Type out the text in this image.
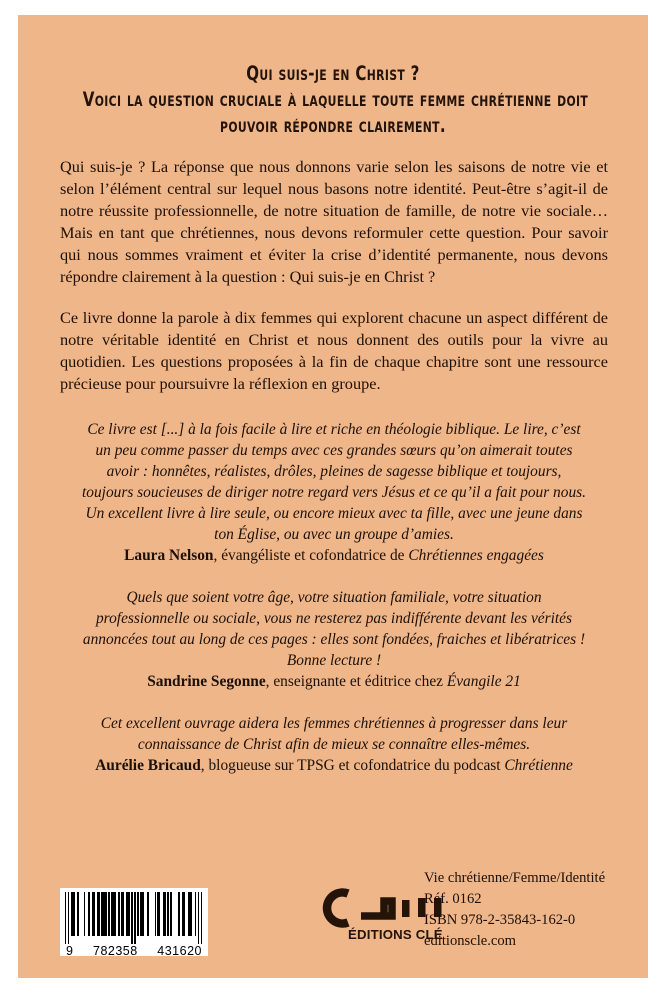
Qui suis-je en Christ ?
Voici la question cruciale à laquelle toute femme chrétienne doit
pouvoir répondre clairement.

Qui suis-je ? La réponse que nous donnons varie selon les saisons de notre vie et selon l’élément central sur lequel nous basons notre identité. Peut-être s’agit-il de notre réussite professionnelle, de notre situation de famille, de notre vie sociale… Mais en tant que chrétiennes, nous devons reformuler cette question. Pour savoir qui nous sommes vraiment et éviter la crise d’identité permanente, nous devons répondre clairement à la question : Qui suis-je en Christ ?

Ce livre donne la parole à dix femmes qui explorent chacune un aspect différent de notre véritable identité en Christ et nous donnent des outils pour la vivre au quotidien. Les questions proposées à la fin de chaque chapitre sont une ressource précieuse pour poursuivre la réflexion en groupe.

Ce livre est [...] à la fois facile à lire et riche en théologie biblique. Le lire, c’est un peu comme passer du temps avec ces grandes sœurs qu’on aimerait toutes avoir : honnêtes, réalistes, drôles, pleines de sagesse biblique et toujours, toujours soucieuses de diriger notre regard vers Jésus et ce qu’il a fait pour nous. Un excellent livre à lire seule, ou encore mieux avec ta fille, avec une jeune dans ton Église, ou avec un groupe d’amies.

Laura Nelson, évangéliste et cofondatrice de Chrétiennes engagées

Quels que soient votre âge, votre situation familiale, votre situation professionnelle ou sociale, vous ne resterez pas indifférente devant les vérités annoncées tout au long de ces pages : elles sont fondées, fraiches et libératrices ! Bonne lecture !

Sandrine Segonne, enseignante et éditrice chez Évangile 21

Cet excellent ouvrage aidera les femmes chrétiennes à progresser dans leur connaissance de Christ afin de mieux se connaître elles-mêmes.

Aurélie Bricaud, blogueuse sur TPSG et cofondatrice du podcast Chrétienne

9 782358 431620
ÉDITIONS CLÉ
Vie chrétienne/Femme/Identité
Réf. 0162
ISBN 978-2-35843-162-0
editionscle.com
